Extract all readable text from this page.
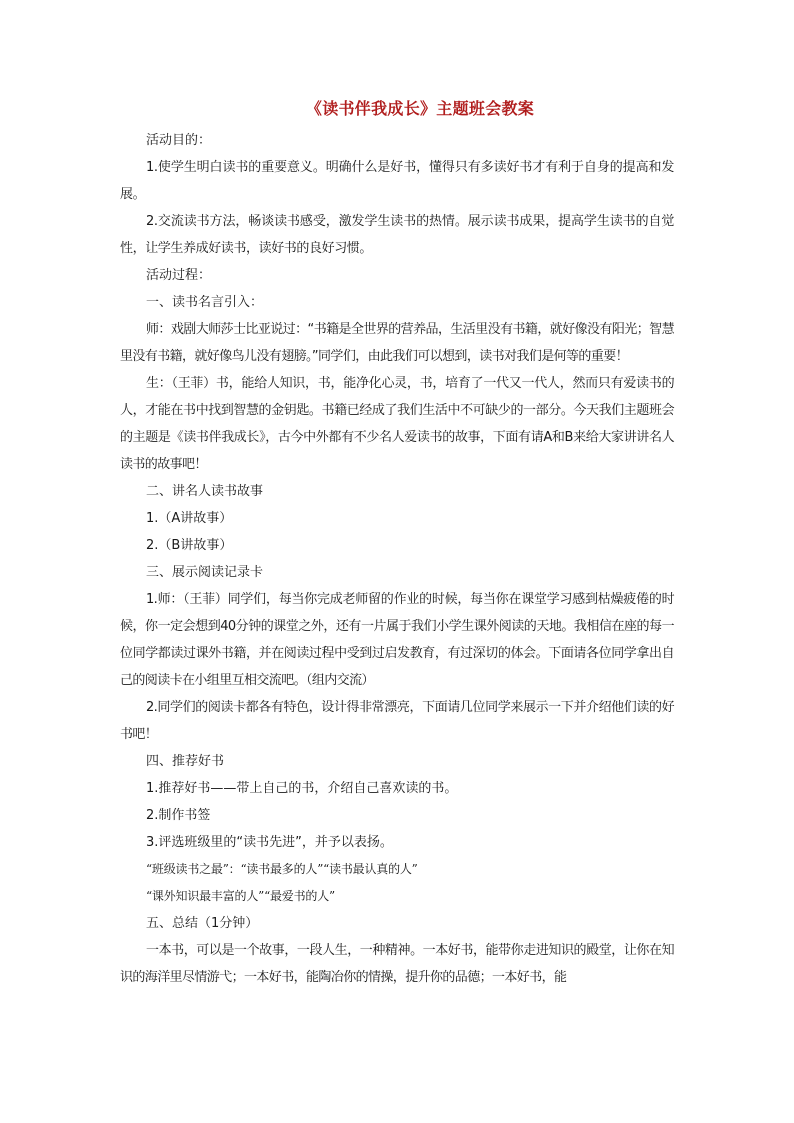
《读书伴我成长》主题班会教案

活动目的：

1.使学生明白读书的重要意义。明确什么是好书，懂得只有多读好书才有利于自身的提高和发展。

2.交流读书方法，畅谈读书感受，激发学生读书的热情。展示读书成果，提高学生读书的自觉性，让学生养成好读书，读好书的良好习惯。

活动过程：

一、读书名言引入：

师：戏剧大师莎士比亚说过：“书籍是全世界的营养品，生活里没有书籍，就好像没有阳光；智慧里没有书籍，就好像鸟儿没有翅膀。”同学们，由此我们可以想到，读书对我们是何等的重要！

生：（王菲）书，能给人知识，书，能净化心灵，书，培育了一代又一代人，然而只有爱读书的人，才能在书中找到智慧的金钥匙。书籍已经成了我们生活中不可缺少的一部分。今天我们主题班会的主题是《读书伴我成长》，古今中外都有不少名人爱读书的故事，下面有请A和B来给大家讲讲名人读书的故事吧！

二、讲名人读书故事

1.（A讲故事）

2.（B讲故事）

三、展示阅读记录卡

1.师：（王菲）同学们，每当你完成老师留的作业的时候，每当你在课堂学习感到枯燥疲倦的时候，你一定会想到40分钟的课堂之外，还有一片属于我们小学生课外阅读的天地。我相信在座的每一位同学都读过课外书籍，并在阅读过程中受到过启发教育，有过深切的体会。下面请各位同学拿出自己的阅读卡在小组里互相交流吧。（组内交流）

2.同学们的阅读卡都各有特色，设计得非常漂亮，下面请几位同学来展示一下并介绍他们读的好书吧！

四、推荐好书

1.推荐好书——带上自己的书，介绍自己喜欢读的书。

2.制作书签

3.评选班级里的“读书先进”，并予以表扬。

“班级读书之最”：“读书最多的人”“读书最认真的人”

“课外知识最丰富的人”“最爱书的人”

五、总结（1分钟）

一本书，可以是一个故事，一段人生，一种精神。一本好书，能带你走进知识的殿堂，让你在知识的海洋里尽情游弋；一本好书，能陶冶你的情操，提升你的品德；一本好书，能
